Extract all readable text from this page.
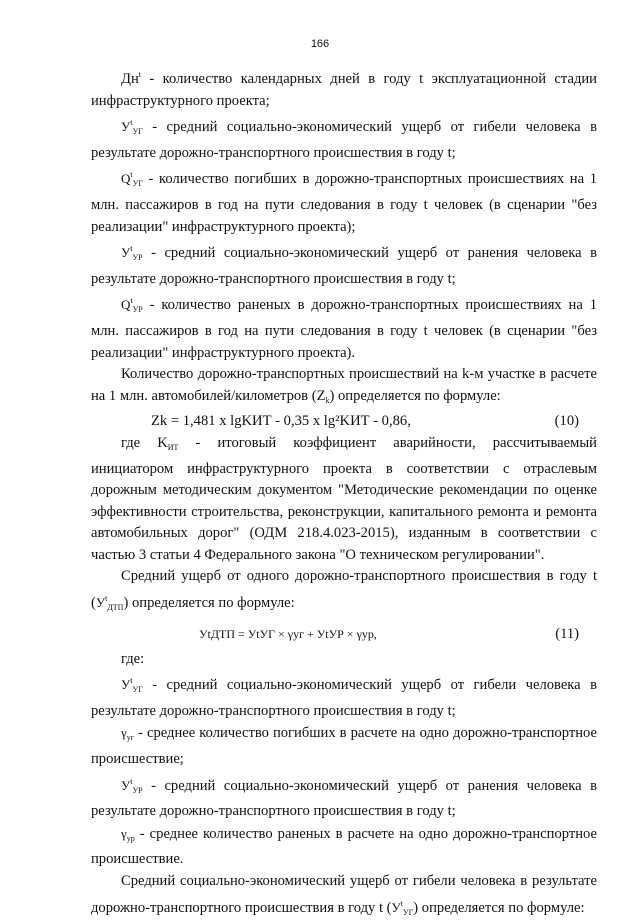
166

$Дн^t$ - количество календарных дней в году t эксплуатационной стадии инфраструктурного проекта;

$У^t_{УГ}$ - средний социально-экономический ущерб от гибели человека в результате дорожно-транспортного происшествия в году t;

$Q^t_{УГ}$ - количество погибших в дорожно-транспортных происшествиях на 1 млн. пассажиров в год на пути следования в году t человек (в сценарии "без реализации" инфраструктурного проекта);

$У^t_{УР}$ - средний социально-экономический ущерб от ранения человека в результате дорожно-транспортного происшествия в году t;

$Q^t_{УР}$ - количество раненых в дорожно-транспортных происшествиях на 1 млн. пассажиров в год на пути следования в году t человек (в сценарии "без реализации" инфраструктурного проекта).

Количество дорожно-транспортных происшествий на k-м участке в расчете на 1 млн. автомобилей/километров $(Z_k)$ определяется по формуле:

Zk = 1,481 x lgKИТ - 0,35 x lg²KИТ - 0,86,	(10)

где $K_{ИТ}$ - итоговый коэффициент аварийности, рассчитываемый инициатором инфраструктурного проекта в соответствии с отраслевым дорожным методическим документом "Методические рекомендации по оценке эффективности строительства, реконструкции, капитального ремонта и ремонта автомобильных дорог" (ОДМ 218.4.023-2015), изданным в соответствии с частью 3 статьи 4 Федерального закона "О техническом регулировании".

Средний ущерб от одного дорожно-транспортного происшествия в году t $(У^t_{ДТП})$ определяется по формуле:

УtДТП = УtУГ × γуг + УtУР × γур,	(11)

где:

$У^t_{УГ}$ - средний социально-экономический ущерб от гибели человека в результате дорожно-транспортного происшествия в году t;

$\gamma_{уг}$ - среднее количество погибших в расчете на одно дорожно-транспортное происшествие;

$У^t_{УР}$ - средний социально-экономический ущерб от ранения человека в результате дорожно-транспортного происшествия в году t;

$\gamma_{ур}$ - среднее количество раненых в расчете на одно дорожно-транспортное происшествие.

Средний социально-экономический ущерб от гибели человека в результате дорожно-транспортного происшествия в году t $(У^t_{УГ})$ определяется по формуле:
